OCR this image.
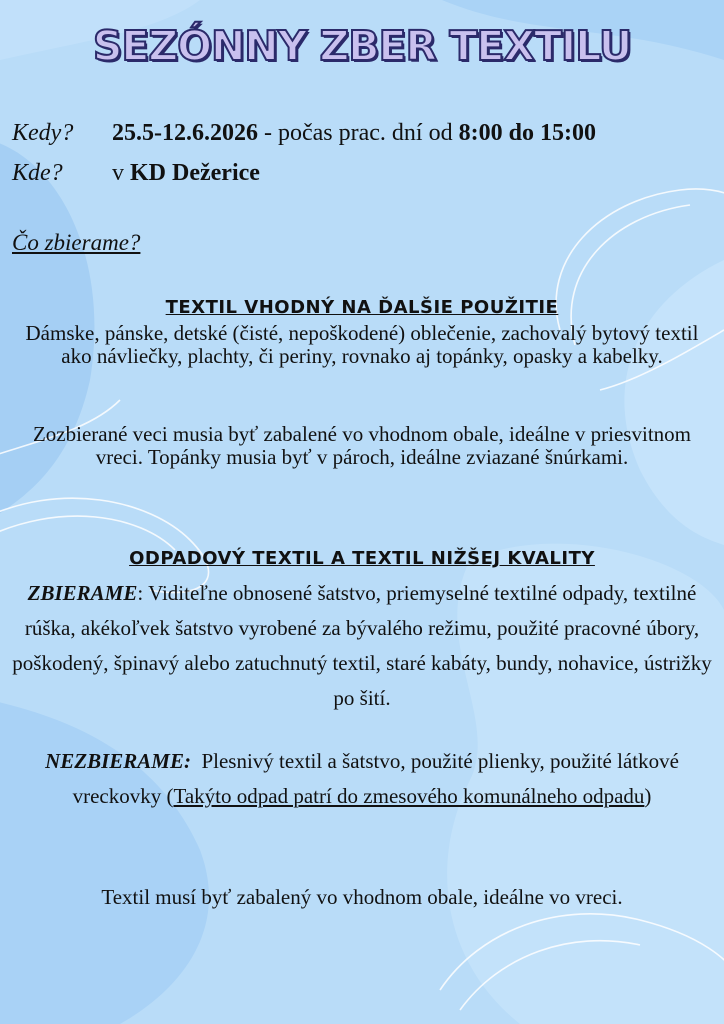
SEZÓNNY ZBER TEXTILU
Kedy? 25.5-12.6.2026 - počas prac. dní od 8:00 do 15:00
Kde? v KD Dežerice
Čo zbierame?
TEXTIL VHODNÝ NA ĎALŠIE POUŽITIE
Dámske, pánske, detské (čisté, nepoškodené) oblečenie, zachovalý bytový textil ako návliečky, plachty, či periny, rovnako aj topánky, opasky a kabelky.
Zozbierané veci musia byť zabalené vo vhodnom obale, ideálne v priesvitnom vreci. Topánky musia byť v pároch, ideálne zviazané šnúrkami.
ODPADOVÝ TEXTIL A TEXTIL NIŽŠEJ KVALITY
ZBIERAME: Viditeľne obnosené šatstvo, priemyselné textilné odpady, textilné rúška, akékoľvek šatstvo vyrobené za bývalého režimu, použité pracovné úbory, poškodený, špinavý alebo zatuchnutý textil, staré kabáty, bundy, nohavice, ústrižky po šití.
NEZBIERAME:  Plesnivý textil a šatstvo, použité plienky, použité látkové vreckovky (Takýto odpad patrí do zmesového komunálneho odpadu)
Textil musí byť zabalený vo vhodnom obale, ideálne vo vreci.
